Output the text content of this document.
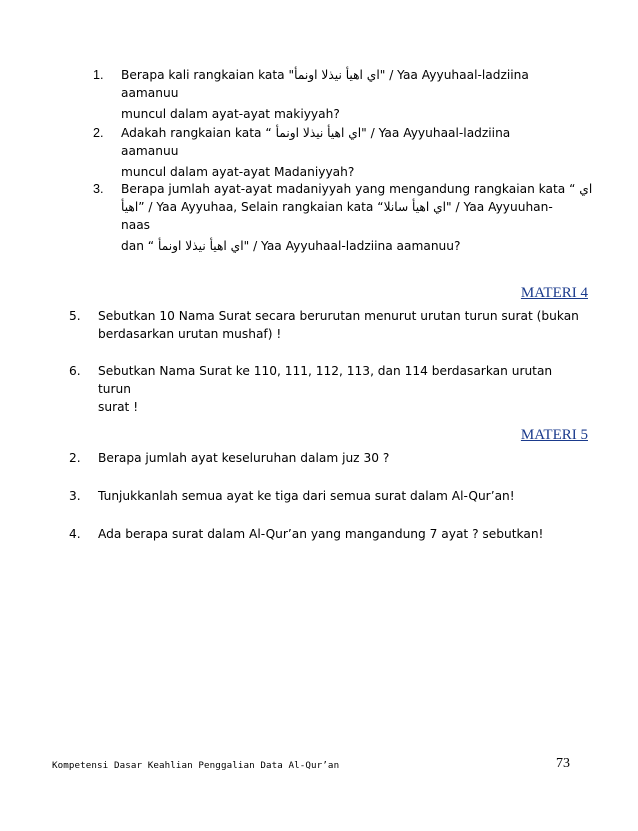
1.	Berapa kali rangkaian kata "اي اهيأ نيذلا اونمأ" / Yaa Ayyuhaal-ladziina
aamanuu
muncul dalam ayat-ayat makiyyah?
2.	Adakah rangkaian kata “ اي اهيأ نيذلا اونمأ" / Yaa Ayyuhaal-ladziina
aamanuu
muncul dalam ayat-ayat Madaniyyah?
3.	Berapa jumlah ayat-ayat madaniyyah yang mengandung rangkaian kata “ اي
اهيأ” / Yaa Ayyuhaa, Selain rangkaian kata “اي اهيأ سانلا" / Yaa Ayyuuhan-
naas
dan “ اي اهيأ نيذلا اونمأ" / Yaa Ayyuhaal-ladziina aamanuu?
MATERI 4
5.	Sebutkan 10 Nama Surat secara berurutan menurut urutan turun surat (bukan
berdasarkan urutan mushaf) !
6.	Sebutkan Nama Surat ke 110, 111, 112, 113, dan 114 berdasarkan urutan turun
surat !
MATERI 5
2.	Berapa jumlah ayat keseluruhan dalam juz 30 ?
3.	Tunjukkanlah semua ayat ke tiga dari semua surat dalam Al-Qur’an!
4.	Ada berapa surat dalam Al-Qur’an yang mangandung 7 ayat ? sebutkan!
Kompetensi Dasar Keahlian Penggalian Data Al-Qur’an	73
